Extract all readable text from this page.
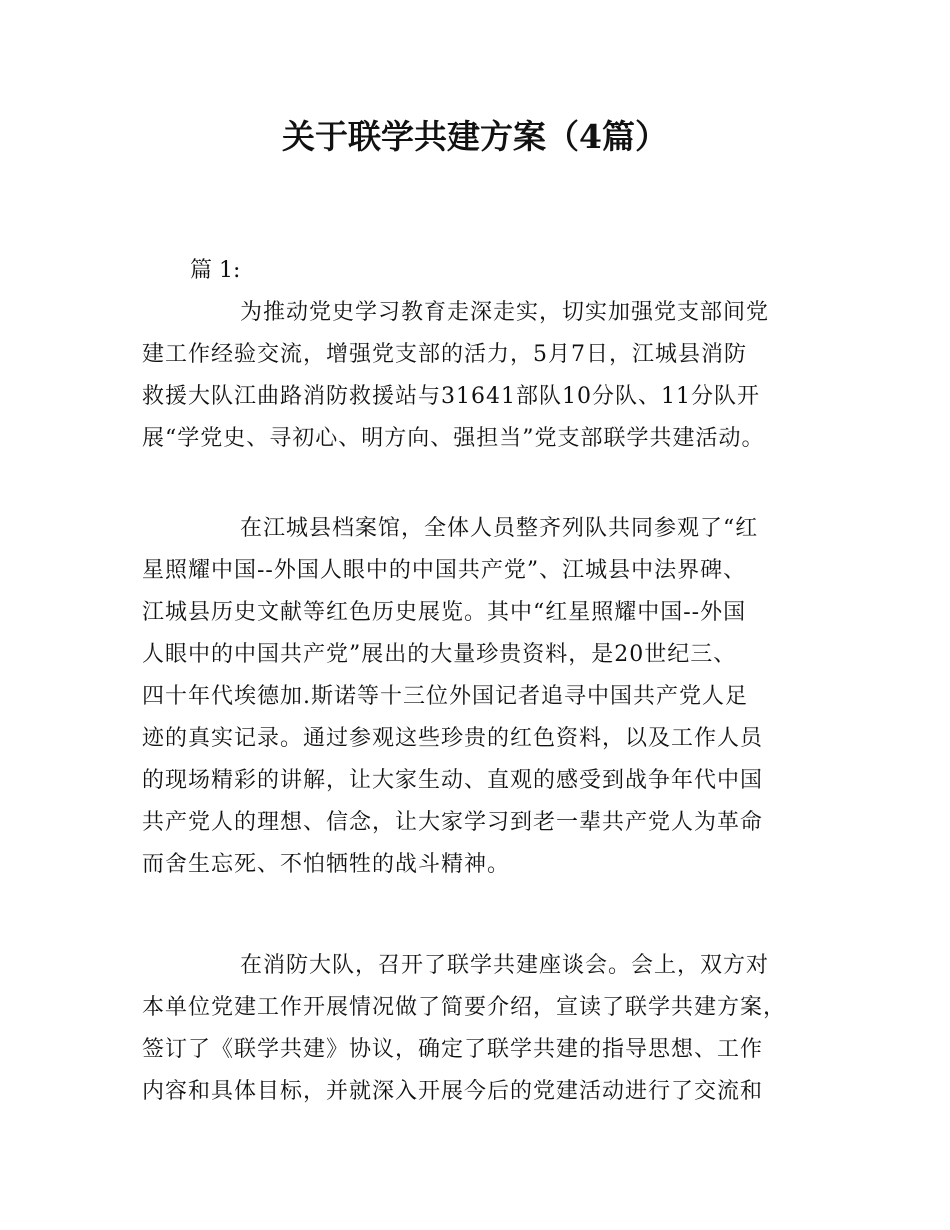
关于联学共建方案（4篇）
篇 1:
为推动党史学习教育走深走实，切实加强党支部间党
建工作经验交流，增强党支部的活力，5月7日，江城县消防
救援大队江曲路消防救援站与31641部队10分队、11分队开
展“学党史、寻初心、明方向、强担当”党支部联学共建活动。
在江城县档案馆，全体人员整齐列队共同参观了“红
星照耀中国--外国人眼中的中国共产党”、江城县中法界碑、
江城县历史文献等红色历史展览。其中“红星照耀中国--外国
人眼中的中国共产党”展出的大量珍贵资料，是20世纪三、
四十年代埃德加.斯诺等十三位外国记者追寻中国共产党人足
迹的真实记录。通过参观这些珍贵的红色资料，以及工作人员
的现场精彩的讲解，让大家生动、直观的感受到战争年代中国
共产党人的理想、信念，让大家学习到老一辈共产党人为革命
而舍生忘死、不怕牺牲的战斗精神。
在消防大队，召开了联学共建座谈会。会上，双方对
本单位党建工作开展情况做了简要介绍，宣读了联学共建方案，
签订了《联学共建》协议，确定了联学共建的指导思想、工作
内容和具体目标，并就深入开展今后的党建活动进行了交流和
